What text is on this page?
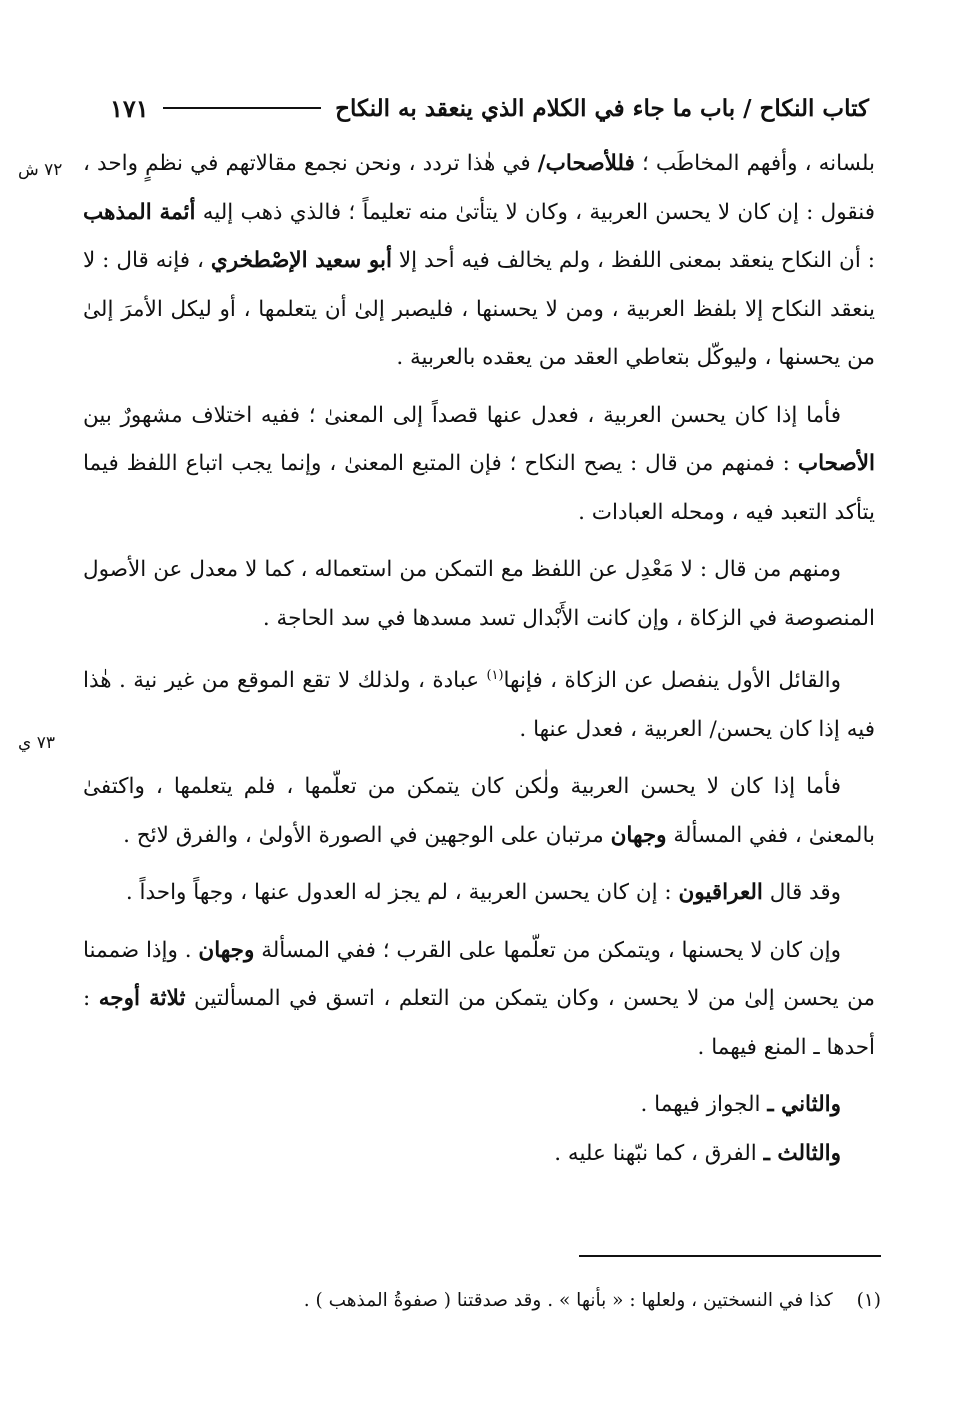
كتاب النكاح / باب ما جاء في الكلام الذي ينعقد به النكاح
١٧١
٧٢ ش
٧٣ ي

بلسانه ، وأفهم المخاطَب ؛ فللأصحاب/ في هٰذا تردد ، ونحن نجمع مقالاتهم في نظمٍ واحد ، فنقول : إن كان لا يحسن العربية ، وكان لا يتأتىٰ منه تعليماً ؛ فالذي ذهب إليه أئمة المذهب : أن النكاح ينعقد بمعنى اللفظ ، ولم يخالف فيه أحد إلا أبو سعيد الإصْطخري ، فإنه قال : لا ينعقد النكاح إلا بلفظ العربية ، ومن لا يحسنها ، فليصبر إلىٰ أن يتعلمها ، أو ليكل الأمرَ إلىٰ من يحسنها ، وليوكّل بتعاطي العقد من يعقده بالعربية .

فأما إذا كان يحسن العربية ، فعدل عنها قصداً إلى المعنىٰ ؛ ففيه اختلاف مشهورٌ بين الأصحاب : فمنهم من قال : يصح النكاح ؛ فإن المتبع المعنىٰ ، وإنما يجب اتباع اللفظ فيما يتأكد التعبد فيه ، ومحله العبادات .

ومنهم من قال : لا مَعْدِل عن اللفظ مع التمكن من استعماله ، كما لا معدل عن الأصول المنصوصة في الزكاة ، وإن كانت الأَبْدال تسد مسدها في سد الحاجة .

والقائل الأول ينفصل عن الزكاة ، فإنها$^{(١)}$ عبادة ، ولذلك لا تقع الموقع من غير نية . هٰذا فيه إذا كان يحسن/ العربية ، فعدل عنها .

فأما إذا كان لا يحسن العربية ولٰكن كان يتمكن من تعلّمها ، فلم يتعلمها ، واكتفىٰ بالمعنىٰ ، ففي المسألة وجهان مرتبان على الوجهين في الصورة الأولىٰ ، والفرق لائح .

وقد قال العراقيون : إن كان يحسن العربية ، لم يجز له العدول عنها ، وجهاً واحداً .

وإن كان لا يحسنها ، ويتمكن من تعلّمها على القرب ؛ ففي المسألة وجهان . وإذا ضممنا من يحسن إلىٰ من لا يحسن ، وكان يتمكن من التعلم ، اتسق في المسألتين ثلاثة أوجه : أحدها ـ المنع فيهما .

والثاني ـ الجواز فيهما .

والثالث ـ الفرق ، كما نبّهنا عليه .

(١) كذا في النسختين ، ولعلها : « بأنها » . وقد صدقتنا ( صفوةُ المذهب ) .
